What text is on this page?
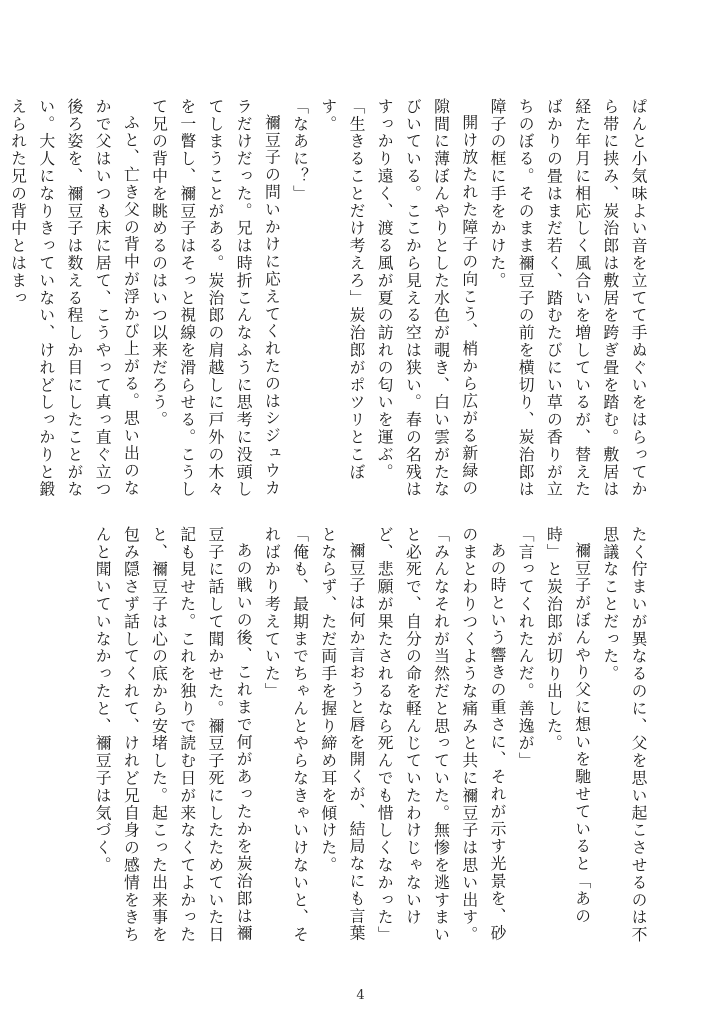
ぱんと小気味よい音を立てて手ぬぐいをはらってから帯に挟み、炭治郎は敷居を跨ぎ畳を踏む。敷居は経た年月に相応しく風合いを増しているが、替えたばかりの畳はまだ若く、踏むたびにい草の香りが立ちのぼる。そのまま禰豆子の前を横切り、炭治郎は障子の框に手をかけた。

開け放たれた障子の向こう、梢から広がる新緑の隙間に薄ぼんやりとした水色が覗き、白い雲がたなびいている。ここから見える空は狭い。春の名残はすっかり遠く、渡る風が夏の訪れの匂いを運ぶ。

「生きることだけ考えろ」炭治郎がポツリとこぼす。

「なあに？」

禰豆子の問いかけに応えてくれたのはシジュウカラだけだった。兄は時折こんなふうに思考に没頭してしまうことがある。炭治郎の肩越しに戸外の木々を一瞥し、禰豆子はそっと視線を滑らせる。こうして兄の背中を眺めるのはいつ以来だろう。

ふと、亡き父の背中が浮かび上がる。思い出のなかで父はいつも床に居て、こうやって真っ直ぐ立つ後ろ姿を、禰豆子は数える程しか目にしたことがない。大人になりきっていない、けれどしっかりと鍛えられた兄の背中とはまっ

たく佇まいが異なるのに、父を思い起こさせるのは不思議なことだった。

禰豆子がぼんやり父に想いを馳せていると「あの時」と炭治郎が切り出した。

「言ってくれたんだ。善逸が」

あの時という響きの重さに、それが示す光景を、砂のまとわりつくような痛みと共に禰豆子は思い出す。

「みんなそれが当然だと思っていた。無惨を逃すまいと必死で、自分の命を軽んじていたわけじゃないけど、悲願が果たされるなら死んでも惜しくなかった」

禰豆子は何か言おうと唇を開くが、結局なにも言葉とならず、ただ両手を握り締め耳を傾けた。

「俺も、最期までちゃんとやらなきゃいけないと、そればかり考えていた」

あの戦いの後、これまで何があったかを炭治郎は禰豆子に話して聞かせた。禰豆子死にしたためていた日記も見せた。これを独りで読む日が来なくてよかったと、禰豆子は心の底から安堵した。起こった出来事を包み隠さず話してくれて、けれど兄自身の感情をきちんと聞いていなかったと、禰豆子は気づく。

4
